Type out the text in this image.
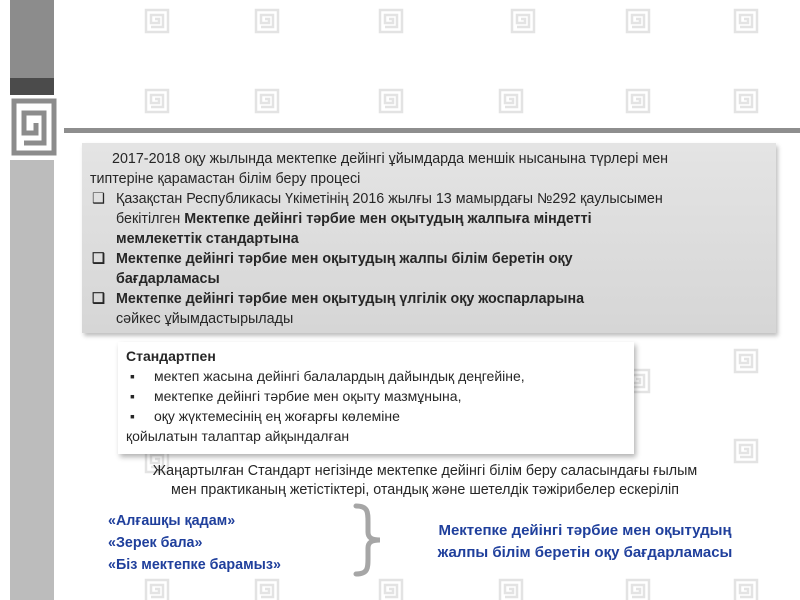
2017-2018 оқу жылында мектепке дейінгі ұйымдарда меншік нысанына түрлері мен
типтеріне қарамастан білім беру процесі
❑ Қазақстан Республикасы Үкіметінің 2016 жылғы 13 мамырдағы №292 қаулысымен
бекітілген Мектепке дейінгі тәрбие мен оқытудың жалпыға міндетті
мемлекеттік стандартына
❑ Мектепке дейінгі тәрбие мен оқытудың жалпы білім беретін оқу
бағдарламасы
❑ Мектепке дейінгі тәрбие мен оқытудың үлгілік оқу жоспарларына
сәйкес ұйымдастырылады
Стандартпен
▪ мектеп жасына дейінгі балалардың дайындық деңгейіне,
▪ мектепке дейінгі тәрбие мен оқыту мазмұнына,
▪ оқу жүктемесінің ең жоғарғы көлеміне
қойылатын талаптар айқындалған
Жаңартылған Стандарт негізінде мектепке дейінгі білім беру саласындағы ғылым
мен практиканың жетістіктері, отандық және шетелдік тәжірибелер ескеріліп
«Алғашқы қадам»
«Зерек бала»
«Біз мектепке барамыз»
Мектепке дейінгі тәрбие мен оқытудың
жалпы білім беретін оқу бағдарламасы
